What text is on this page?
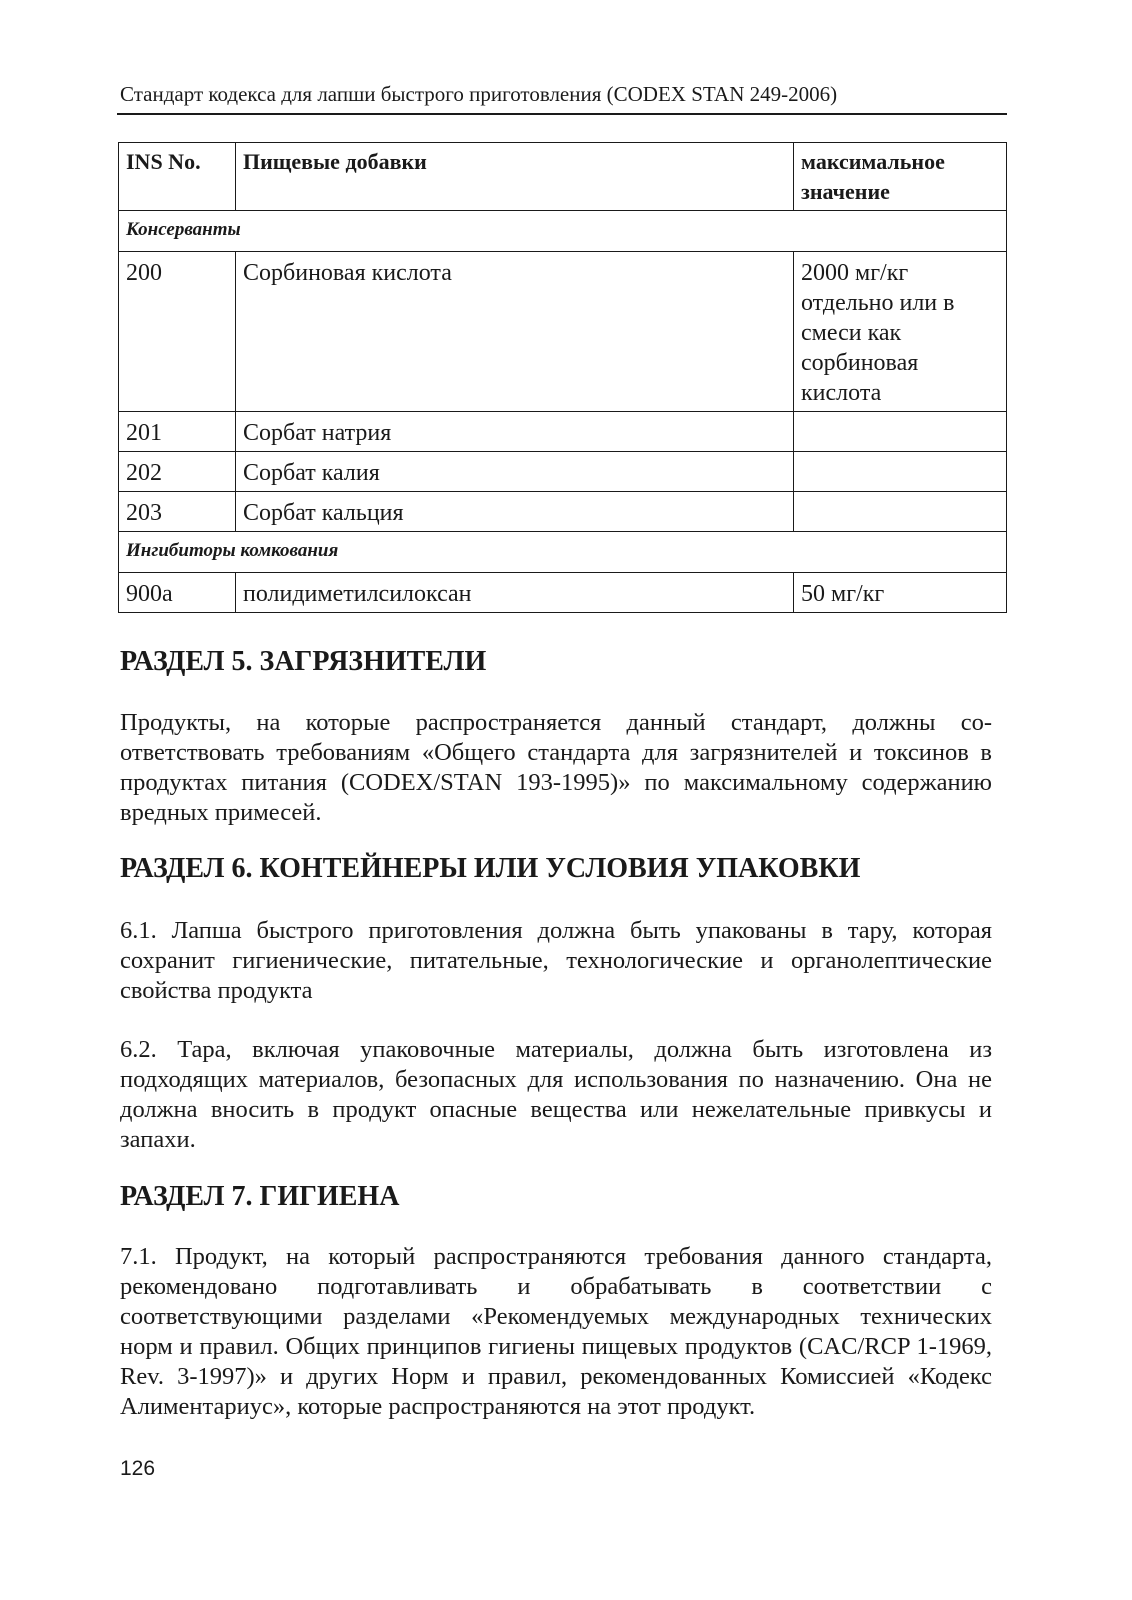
Стандарт кодекса для лапши быстрого приготовления (CODEX STAN 249-2006)
INS No.	Пищевые добавки	максимальное значение
Консерванты		
200	Сорбиновая кислота	2000 мг/кг отдельно или в смеси как сорбиновая кислота
201	Сорбат натрия	
202	Сорбат калия	
203	Сорбат кальция	
Ингибиторы комкования		
900a	полидиметилсилоксан	50 мг/кг
РАЗДЕЛ 5. ЗАГРЯЗНИТЕЛИ
Продукты, на которые распространяется данный стандарт, должны соответствовать требованиям «Общего стандарта для загрязнителей и токсинов в продуктах питания (CODEX/STAN 193-1995)» по максимальному содержанию вредных примесей.
РАЗДЕЛ 6. КОНТЕЙНЕРЫ ИЛИ УСЛОВИЯ УПАКОВКИ
6.1. Лапша быстрого приготовления должна быть упакованы в тару, которая сохранит гигиенические, питательные, технологические и органолептические свойства продукта
6.2. Тара, включая упаковочные материалы, должна быть изготовлена из подходящих материалов, безопасных для использования по назначению. Она не должна вносить в продукт опасные вещества или нежелательные привкусы и запахи.
РАЗДЕЛ 7. ГИГИЕНА
7.1. Продукт, на который распространяются требования данного стандарта, рекомендовано подготавливать и обрабатывать в соответствии с соответствующими разделами «Рекомендуемых международных технических норм и правил. Общих принципов гигиены пищевых продуктов (CAC/RCP 1-1969, Rev. 3-1997)» и других Норм и правил, рекомендованных Комиссией «Кодекс Алиментариус», которые распространяются на этот продукт.
126
